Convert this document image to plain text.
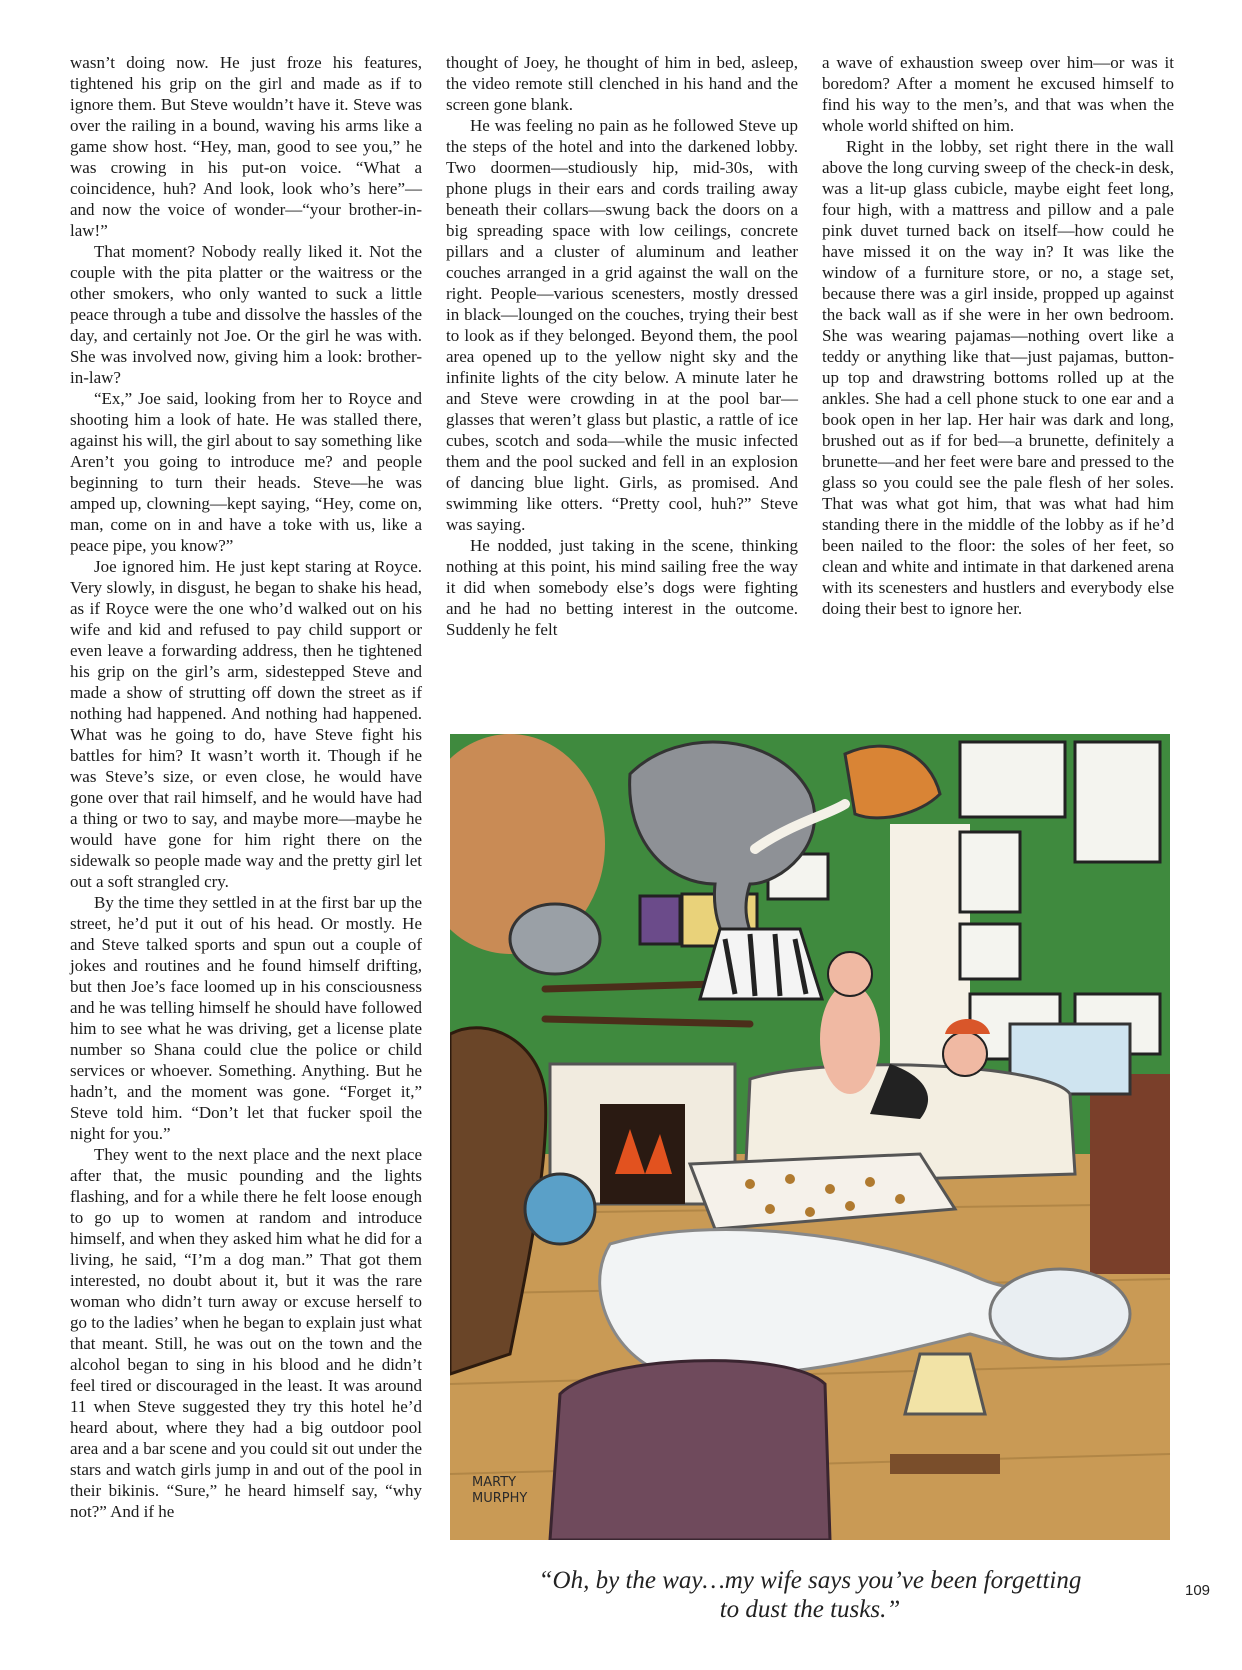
wasn’t doing now. He just froze his features, tightened his grip on the girl and made as if to ignore them. But Steve wouldn’t have it. Steve was over the railing in a bound, waving his arms like a game show host. “Hey, man, good to see you,” he was crowing in his put-on voice. “What a coincidence, huh? And look, look who’s here”—and now the voice of wonder—“your brother-in-law!”

That moment? Nobody really liked it. Not the couple with the pita platter or the waitress or the other smokers, who only wanted to suck a little peace through a tube and dissolve the hassles of the day, and certainly not Joe. Or the girl he was with. She was involved now, giving him a look: brother-in-law?

“Ex,” Joe said, looking from her to Royce and shooting him a look of hate. He was stalled there, against his will, the girl about to say something like Aren’t you going to introduce me? and people beginning to turn their heads. Steve—he was amped up, clowning—kept saying, “Hey, come on, man, come on in and have a toke with us, like a peace pipe, you know?”

Joe ignored him. He just kept staring at Royce. Very slowly, in disgust, he began to shake his head, as if Royce were the one who’d walked out on his wife and kid and refused to pay child support or even leave a forwarding address, then he tightened his grip on the girl’s arm, sidestepped Steve and made a show of strutting off down the street as if nothing had happened. And nothing had happened. What was he going to do, have Steve fight his battles for him? It wasn’t worth it. Though if he was Steve’s size, or even close, he would have gone over that rail himself, and he would have had a thing or two to say, and maybe more—maybe he would have gone for him right there on the sidewalk so people made way and the pretty girl let out a soft strangled cry.

By the time they settled in at the first bar up the street, he’d put it out of his head. Or mostly. He and Steve talked sports and spun out a couple of jokes and routines and he found himself drifting, but then Joe’s face loomed up in his consciousness and he was telling himself he should have followed him to see what he was driving, get a license plate number so Shana could clue the police or child services or whoever. Something. Anything. But he hadn’t, and the moment was gone. “Forget it,” Steve told him. “Don’t let that fucker spoil the night for you.”

They went to the next place and the next place after that, the music pounding and the lights flashing, and for a while there he felt loose enough to go up to women at random and introduce himself, and when they asked him what he did for a living, he said, “I’m a dog man.” That got them interested, no doubt about it, but it was the rare woman who didn’t turn away or excuse herself to go to the ladies’ when he began to explain just what that meant. Still, he was out on the town and the alcohol began to sing in his blood and he didn’t feel tired or discouraged in the least. It was around 11 when Steve suggested they try this hotel he’d heard about, where they had a big outdoor pool area and a bar scene and you could sit out under the stars and watch girls jump in and out of the pool in their bikinis. “Sure,” he heard himself say, “why not?” And if he

thought of Joey, he thought of him in bed, asleep, the video remote still clenched in his hand and the screen gone blank.

He was feeling no pain as he followed Steve up the steps of the hotel and into the darkened lobby. Two doormen—studiously hip, mid-30s, with phone plugs in their ears and cords trailing away beneath their collars—swung back the doors on a big spreading space with low ceilings, concrete pillars and a cluster of aluminum and leather couches arranged in a grid against the wall on the right. People—various scenesters, mostly dressed in black—lounged on the couches, trying their best to look as if they belonged. Beyond them, the pool area opened up to the yellow night sky and the infinite lights of the city below. A minute later he and Steve were crowding in at the pool bar—glasses that weren’t glass but plastic, a rattle of ice cubes, scotch and soda—while the music infected them and the pool sucked and fell in an explosion of dancing blue light. Girls, as promised. And swimming like otters. “Pretty cool, huh?” Steve was saying.

He nodded, just taking in the scene, thinking nothing at this point, his mind sailing free the way it did when somebody else’s dogs were fighting and he had no betting interest in the outcome. Suddenly he felt

a wave of exhaustion sweep over him—or was it boredom? After a moment he excused himself to find his way to the men’s, and that was when the whole world shifted on him.

Right in the lobby, set right there in the wall above the long curving sweep of the check-in desk, was a lit-up glass cubicle, maybe eight feet long, four high, with a mattress and pillow and a pale pink duvet turned back on itself—how could he have missed it on the way in? It was like the window of a furniture store, or no, a stage set, because there was a girl inside, propped up against the back wall as if she were in her own bedroom. She was wearing pajamas—nothing overt like a teddy or anything like that—just pajamas, button-up top and drawstring bottoms rolled up at the ankles. She had a cell phone stuck to one ear and a book open in her lap. Her hair was dark and long, brushed out as if for bed—a brunette, definitely a brunette—and her feet were bare and pressed to the glass so you could see the pale flesh of her soles. That was what got him, that was what had him standing there in the middle of the lobby as if he’d been nailed to the floor: the soles of her feet, so clean and white and intimate in that darkened arena with its scenesters and hustlers and everybody else doing their best to ignore her.

MARTY
MURPHY
“Oh, by the way…my wife says you’ve been forgetting
to dust the tusks.”
109
